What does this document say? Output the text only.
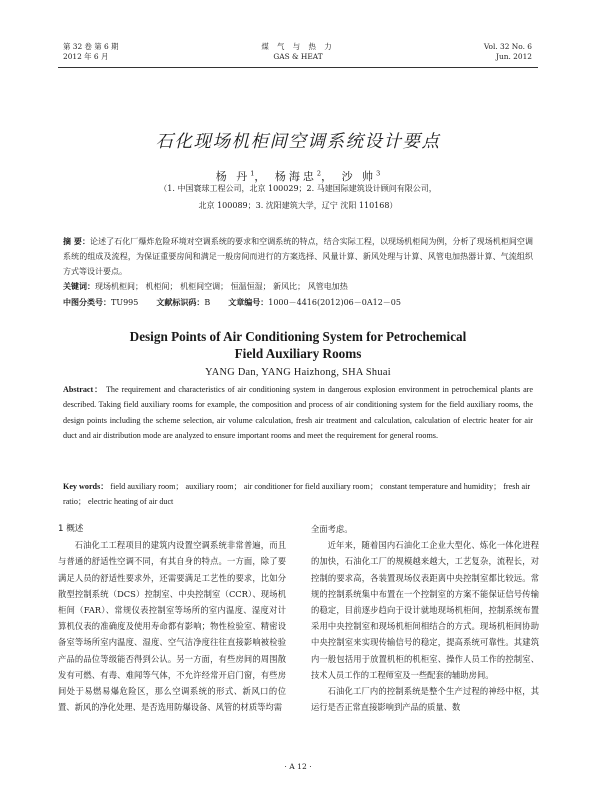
第 32 卷 第 6 期
2012 年 6 月
煤 气 与 热 力
GAS & HEAT
Vol. 32 No. 6
Jun. 2012
石化现场机柜间空调系统设计要点
杨 丹$^1$， 杨海忠$^2$， 沙 帅$^3$
（1. 中国寰球工程公司，北京 100029；2. 马建国际建筑设计顾问有限公司，
北京 100089；3. 沈阳建筑大学，辽宁 沈阳 110168）
摘 要：论述了石化厂爆炸危险环境对空调系统的要求和空调系统的特点，结合实际工程，以现场机柜间为例，分析了现场机柜间空调系统的组成及流程，为保证重要房间和满足一般房间而进行的方案选择、风量计算、新风处理与计算、风管电加热器计算、气流组织方式等设计要点。
关键词：现场机柜间； 机柜间； 机柜间空调； 恒温恒湿； 新风比； 风管电加热
中图分类号：TU995 文献标识码：B 文章编号：1000－4416(2012)06－0A12－05
Design Points of Air Conditioning System for Petrochemical
Field Auxiliary Rooms
YANG Dan, YANG Haizhong, SHA Shuai
Abstract： The requirement and characteristics of air conditioning system in dangerous explosion environment in petrochemical plants are described. Taking field auxiliary rooms for example, the composition and process of air conditioning system for the field auxiliary rooms, the design points including the scheme selection, air volume calculation, fresh air treatment and calculation, calculation of electric heater for air duct and air distribution mode are analyzed to ensure important rooms and meet the requirement for general rooms.
Key words： field auxiliary room； auxiliary room； air conditioner for field auxiliary room； constant temperature and humidity； fresh air ratio； electric heating of air duct

1 概述

石油化工工程项目的建筑内设置空调系统非常普遍，而且与普通的舒适性空调不同，有其自身的特点。一方面，除了要满足人员的舒适性要求外，还需要满足工艺性的要求，比如分散型控制系统（DCS）控制室、中央控制室（CCR）、现场机柜间（FAR）、常规仪表控制室等场所的室内温度、湿度对计算机仪表的准确度及使用寿命都有影响；物性检验室、精密设备室等场所室内温度、湿度、空气洁净度往往直接影响被检验产品的品位等级能否得到公认。另一方面，有些房间的周围散发有可燃、有毒、难闻等气体，不允许经常开启门窗，有些房间处于易燃易爆危险区，那么空调系统的形式、新风口的位置、新风的净化处理、是否选用防爆设备、风管的材质等均需

全面考虑。

近年来，随着国内石油化工企业大型化、炼化一体化进程的加快，石油化工厂的规模越来越大，工艺复杂，流程长，对控制的要求高，各装置现场仪表距离中央控制室都比较远。常规的控制系统集中布置在一个控制室的方案不能保证信号传输的稳定，目前逐步趋向于设计就地现场机柜间，控制系统布置采用中央控制室和现场机柜间相结合的方式。现场机柜间协助中央控制室来实现传输信号的稳定，提高系统可靠性。其建筑内一般包括用于放置机柜的机柜室、操作人员工作的控制室、技术人员工作的工程师室及一些配套的辅助房间。

石油化工厂内的控制系统是整个生产过程的神经中枢，其运行是否正常直接影响到产品的质量、数

· A 12 ·
